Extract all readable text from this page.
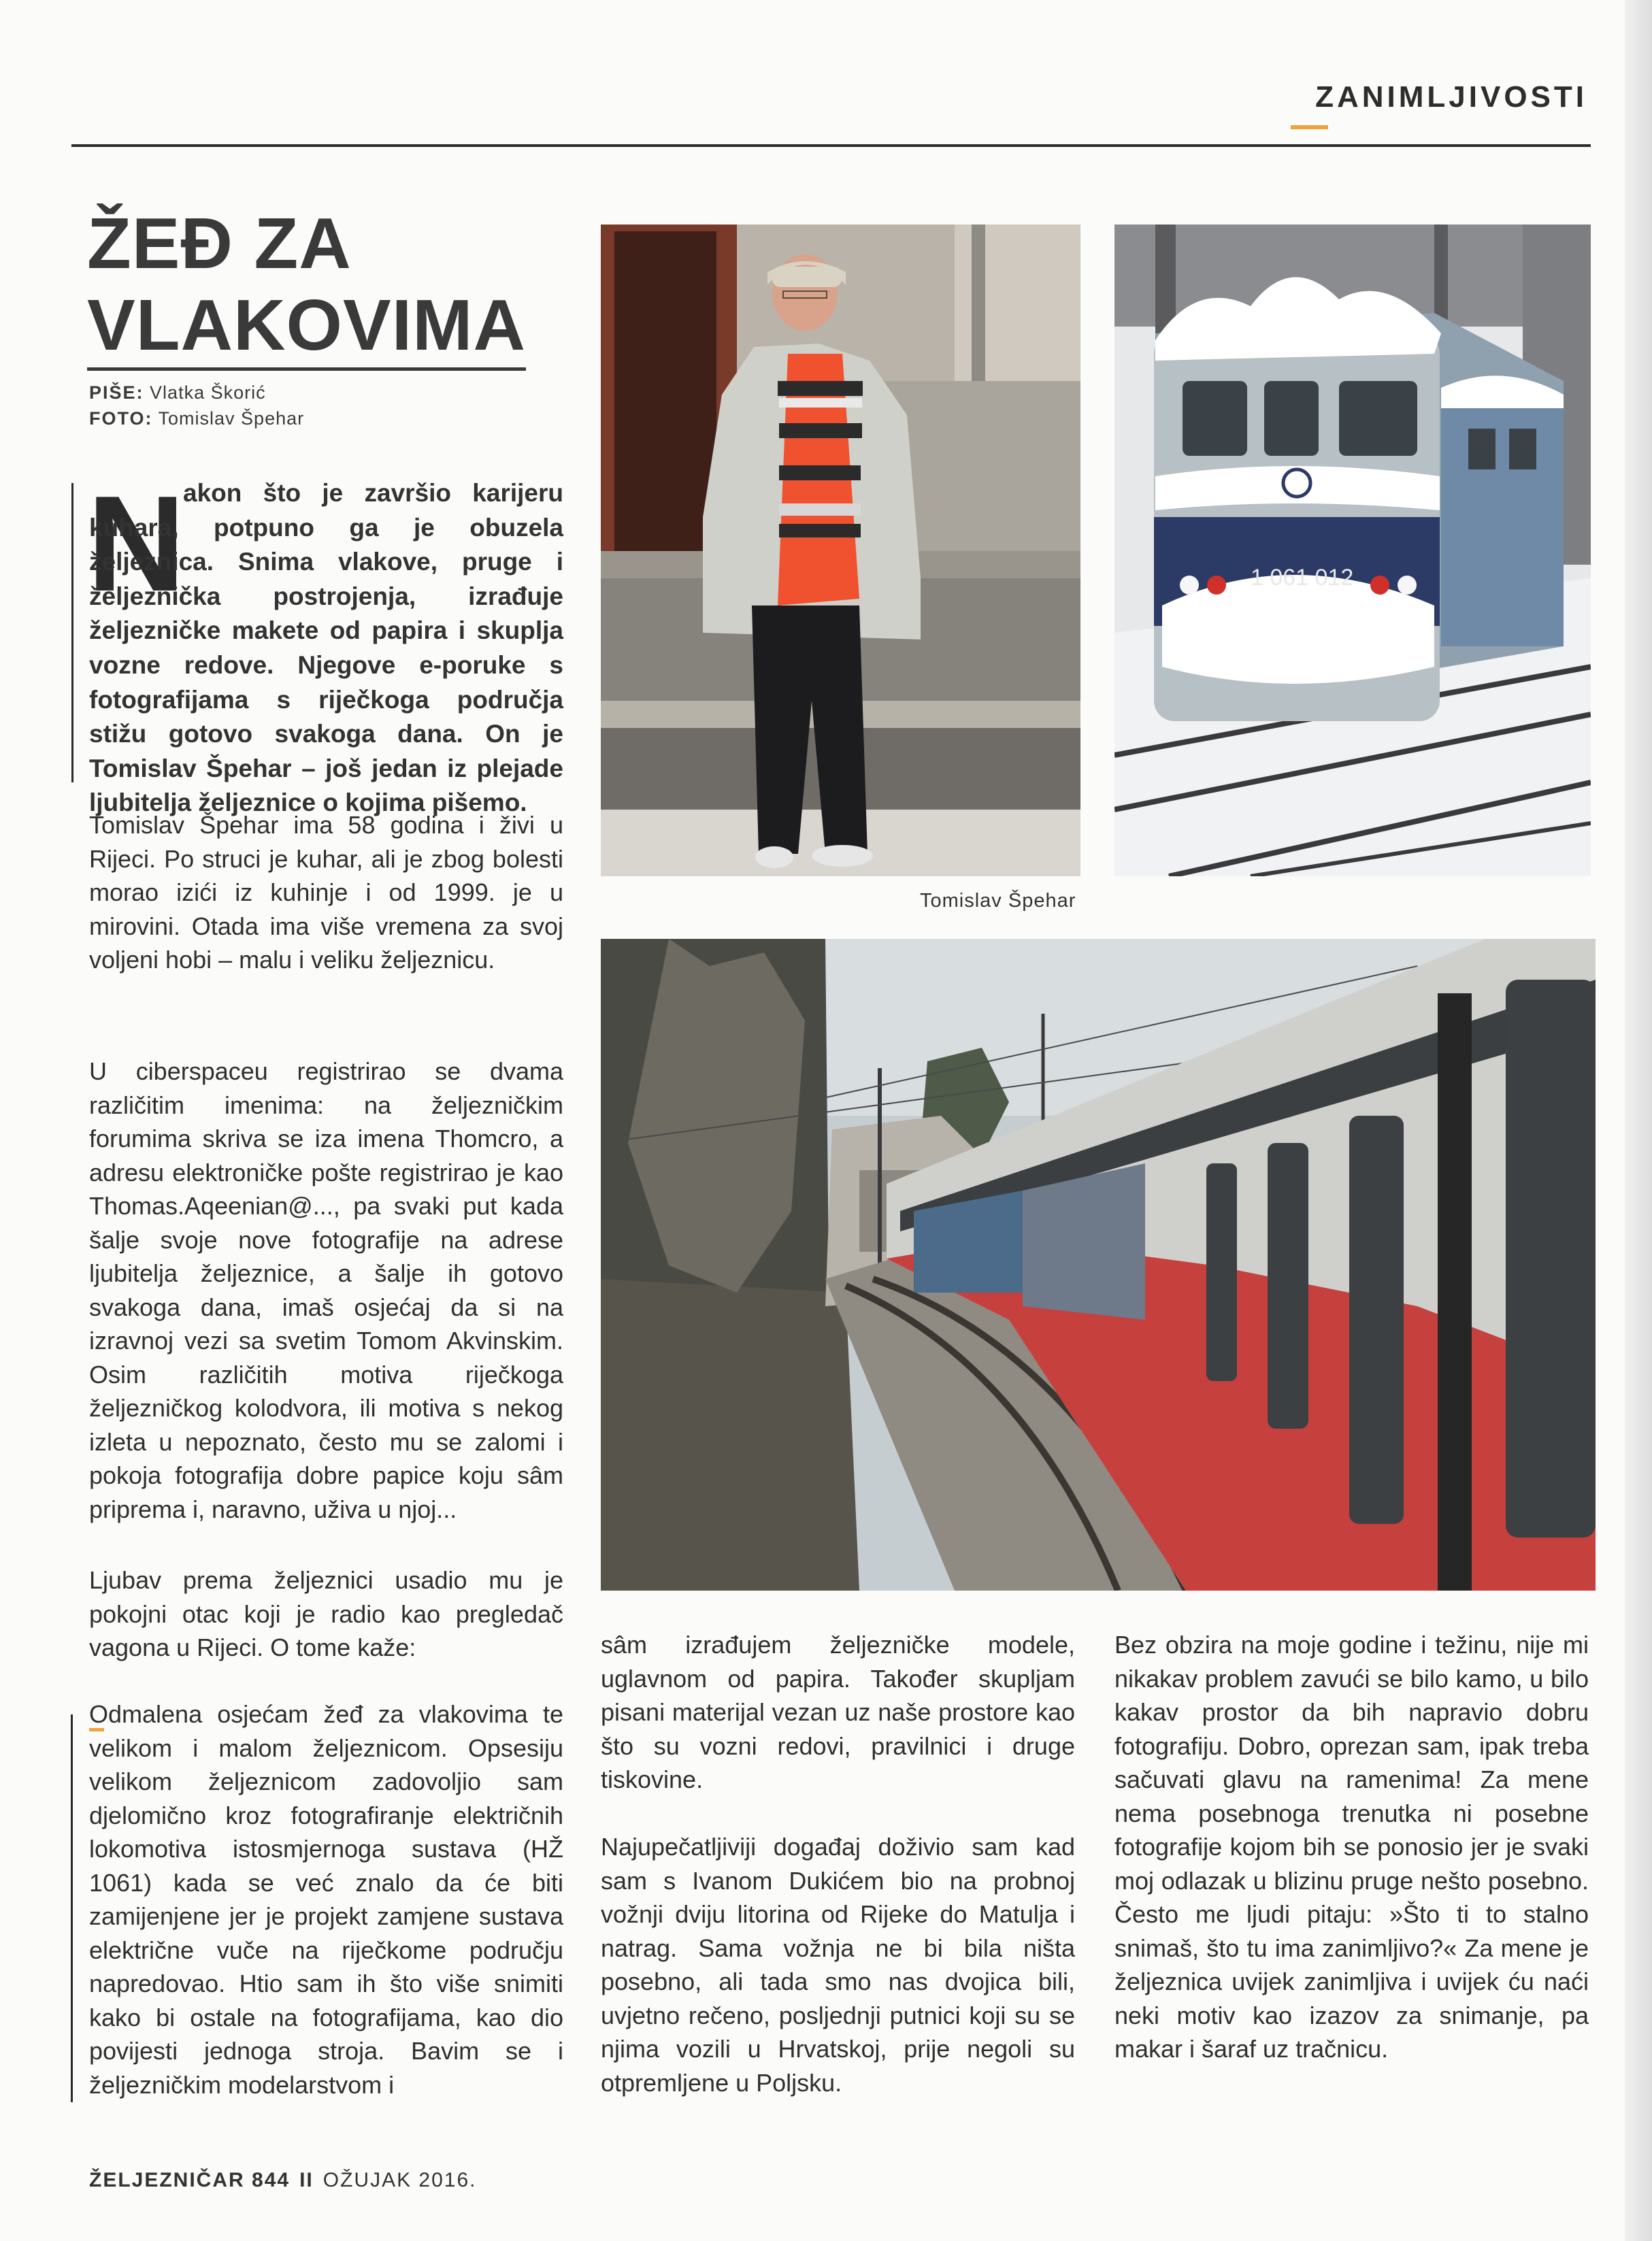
ZANIMLJIVOSTI
ŽEĐ ZA
VLAKOVIMA
PIŠE: Vlatka Škorić
FOTO: Tomislav Špehar
N

akon što je završio karijeru kuhara, potpuno ga je obuzela željeznica. Snima vlakove, pruge i željeznička postrojenja, izrađuje željezničke makete od papira i skuplja vozne redove. Njegove e-poruke s fotografijama s riječkoga područja stižu gotovo svakoga dana. On je Tomislav Špehar – još jedan iz plejade ljubitelja željeznice o kojima pišemo.

Tomislav Špehar ima 58 godina i živi u Rijeci. Po struci je kuhar, ali je zbog bolesti morao izići iz kuhinje i od 1999. je u mirovini. Otada ima više vremena za svoj voljeni hobi – malu i veliku željeznicu.

U ciberspaceu registrirao se dvama različitim imenima: na željezničkim forumima skriva se iza imena Thomcro, a adresu elektroničke pošte registrirao je kao Thomas.Aqeenian@..., pa svaki put kada šalje svoje nove fotografije na adrese ljubitelja željeznice, a šalje ih gotovo svakoga dana, imaš osjećaj da si na izravnoj vezi sa svetim Tomom Akvinskim. Osim različitih motiva riječkoga željezničkog kolodvora, ili motiva s nekog izleta u nepoznato, često mu se zalomi i pokoja fotografija dobre papice koju sâm priprema i, naravno, uživa u njoj...

Ljubav prema željeznici usadio mu je pokojni otac koji je radio kao pregledač vagona u Rijeci. O tome kaže:

Odmalena osjećam žeđ za vlakovima te velikom i malom željeznicom. Opsesiju velikom željeznicom zadovoljio sam djelomično kroz fotografiranje električnih lokomotiva istosmjernoga sustava (HŽ 1061) kada se već znalo da će biti zamijenjene jer je projekt zamjene sustava električne vuče na riječkome području napredovao. Htio sam ih što više snimiti kako bi ostale na fotografijama, kao dio povijesti jednoga stroja. Bavim se i željezničkim modelarstvom i

sâm izrađujem željezničke modele, uglavnom od papira. Također skupljam pisani materijal vezan uz naše prostore kao što su vozni redovi, pravilnici i druge tiskovine.

Najupečatljiviji događaj doživio sam kad sam s Ivanom Dukićem bio na probnoj vožnji dviju litorina od Rijeke do Matulja i natrag. Sama vožnja ne bi bila ništa posebno, ali tada smo nas dvojica bili, uvjetno rečeno, posljednji putnici koji su se njima vozili u Hrvatskoj, prije negoli su otpremljene u Poljsku.

Bez obzira na moje godine i težinu, nije mi nikakav problem zavući se bilo kamo, u bilo kakav prostor da bih napravio dobru fotografiju. Dobro, oprezan sam, ipak treba sačuvati glavu na ramenima! Za mene nema posebnoga trenutka ni posebne fotografije kojom bih se ponosio jer je svaki moj odlazak u blizinu pruge nešto posebno. Često me ljudi pitaju: »Što ti to stalno snimaš, što tu ima zanimljivo?« Za mene je željeznica uvijek zanimljiva i uvijek ću naći neki motiv kao izazov za snimanje, pa makar i šaraf uz tračnicu.

1 061 012
Tomislav Špehar
ŽELJEZNIČAR 844 II OŽUJAK 2016.
